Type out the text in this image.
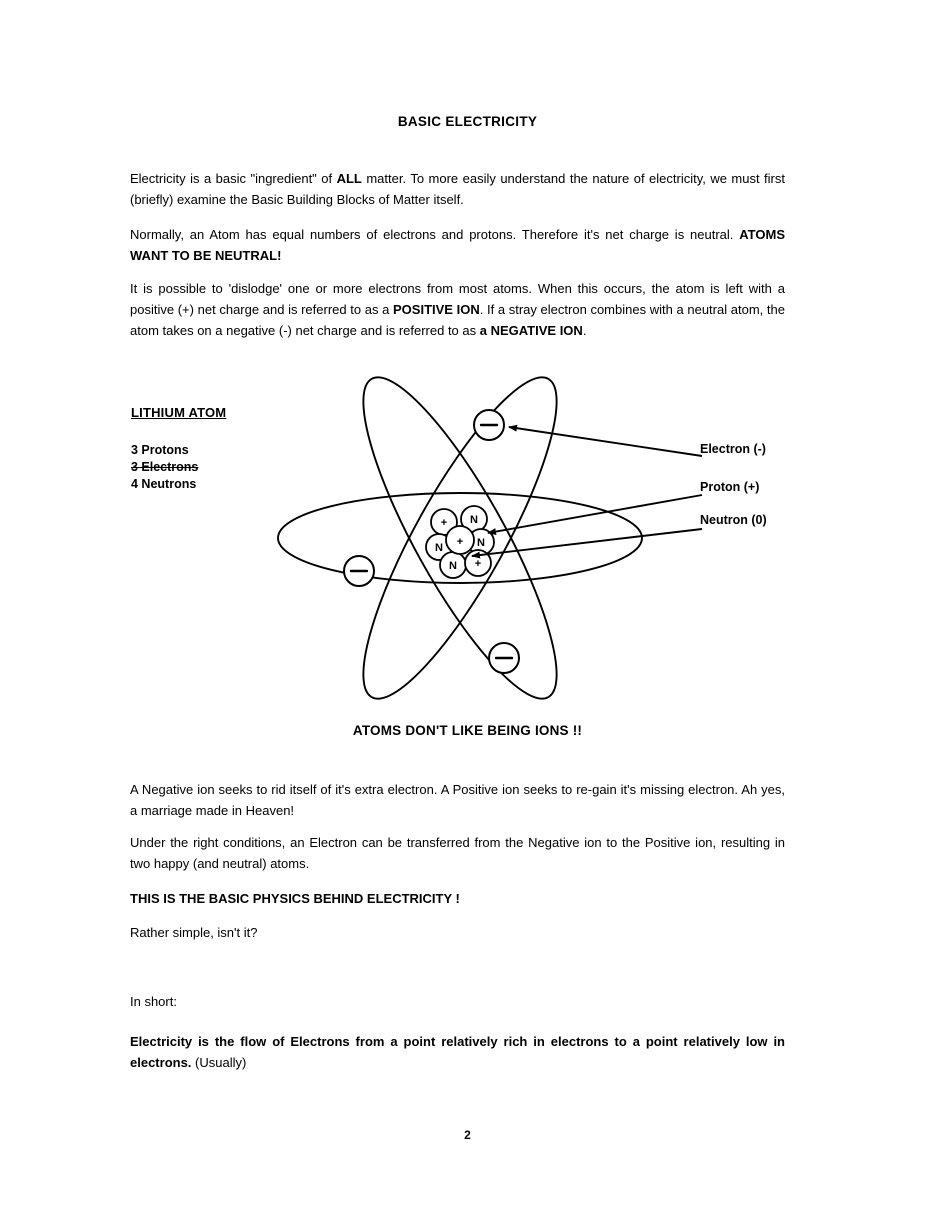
BASIC ELECTRICITY
Electricity is a basic "ingredient" of ALL matter. To more easily understand the nature of electricity, we must first (briefly) examine the Basic Building Blocks of Matter itself.
Normally, an Atom has equal numbers of electrons and protons. Therefore it's net charge is neutral. ATOMS WANT TO BE NEUTRAL!
It is possible to 'dislodge' one or more electrons from most atoms. When this occurs, the atom is left with a positive (+) net charge and is referred to as a POSITIVE ION. If a stray electron combines with a neutral atom, the atom takes on a negative (-) net charge and is referred to as a NEGATIVE ION.
LITHIUM ATOM
3 Protons
3 Electrons
4 Neutrons
Electron (-)
Proton (+)
Neutron (0)
+ N
N	N
N +
+
ATOMS DON'T LIKE BEING IONS !!
A Negative ion seeks to rid itself of it's extra electron. A Positive ion seeks to re-gain it's missing electron. Ah yes, a marriage made in Heaven!
Under the right conditions, an Electron can be transferred from the Negative ion to the Positive ion, resulting in two happy (and neutral) atoms.
THIS IS THE BASIC PHYSICS BEHIND ELECTRICITY !
Rather simple, isn't it?
In short:
Electricity is the flow of Electrons from a point relatively rich in electrons to a point relatively low in electrons. (Usually)
2
